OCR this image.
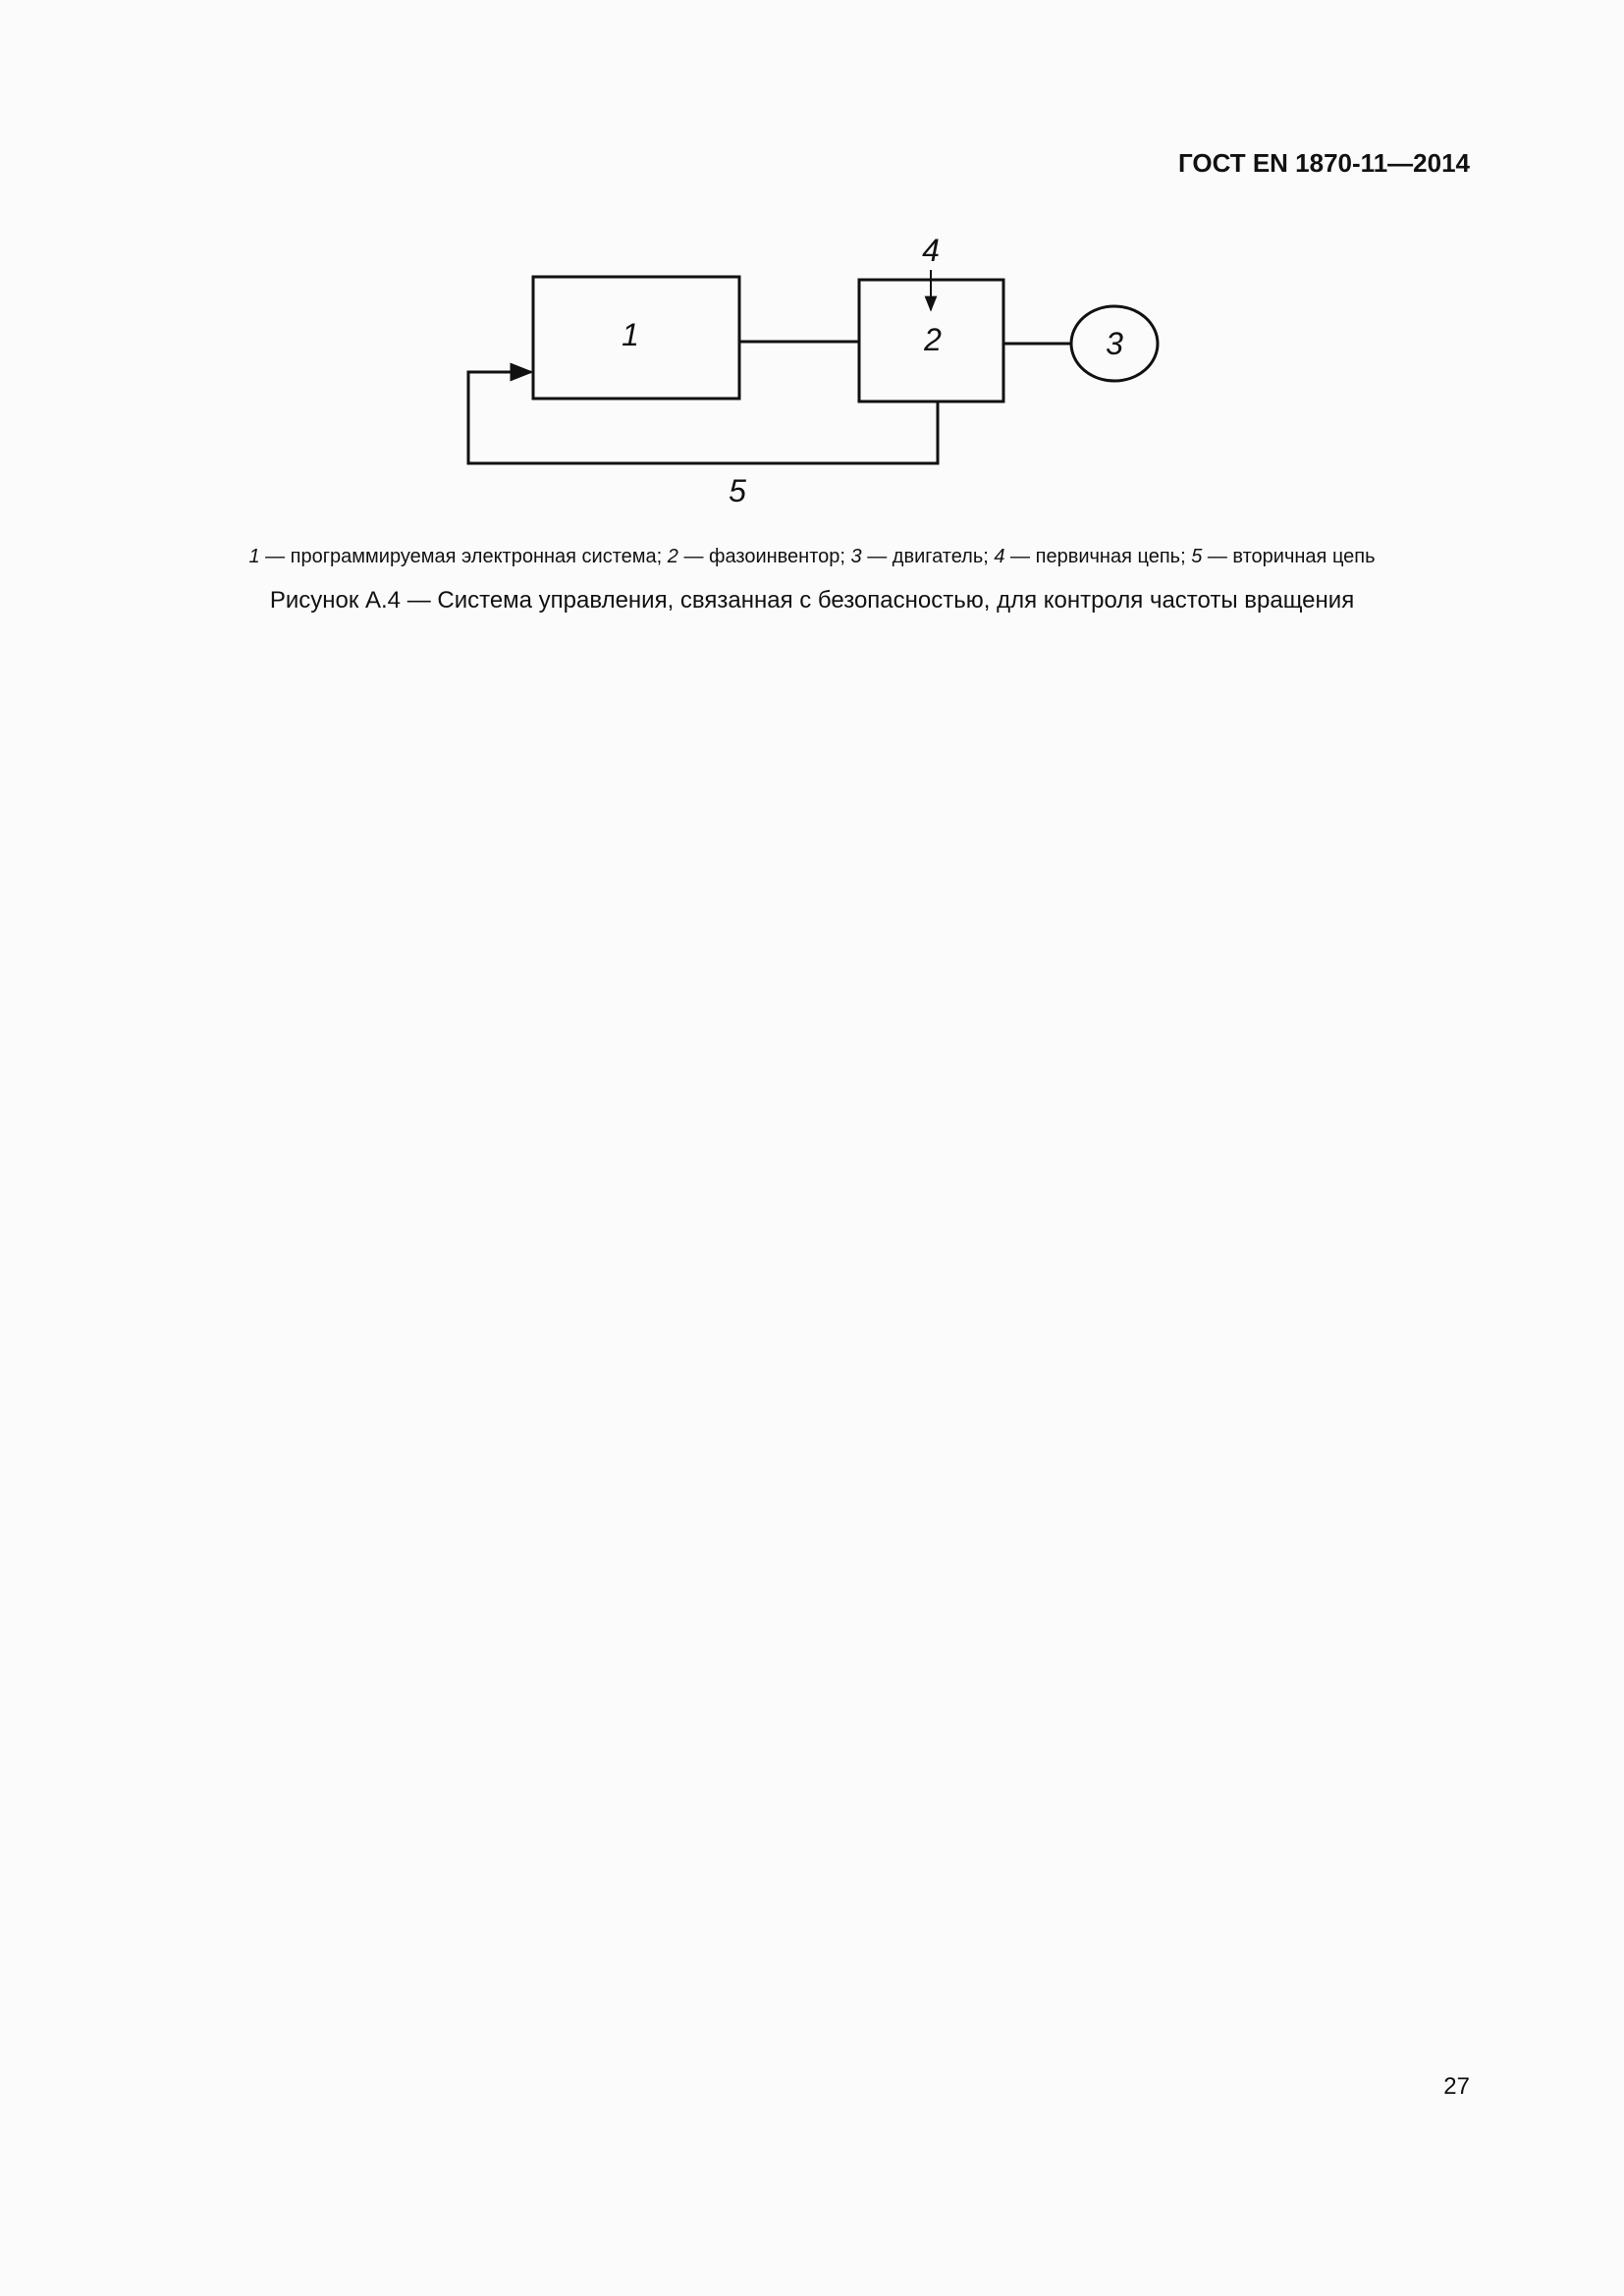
ГОСТ EN 1870-11—2014
1	2
4
3
5
1 — программируемая электронная система; 2 — фазоинвентор; 3 — двигатель; 4 — первичная цепь; 5 — вторичная цепь
Рисунок А.4 — Система управления, связанная с безопасностью, для контроля частоты вращения
27
